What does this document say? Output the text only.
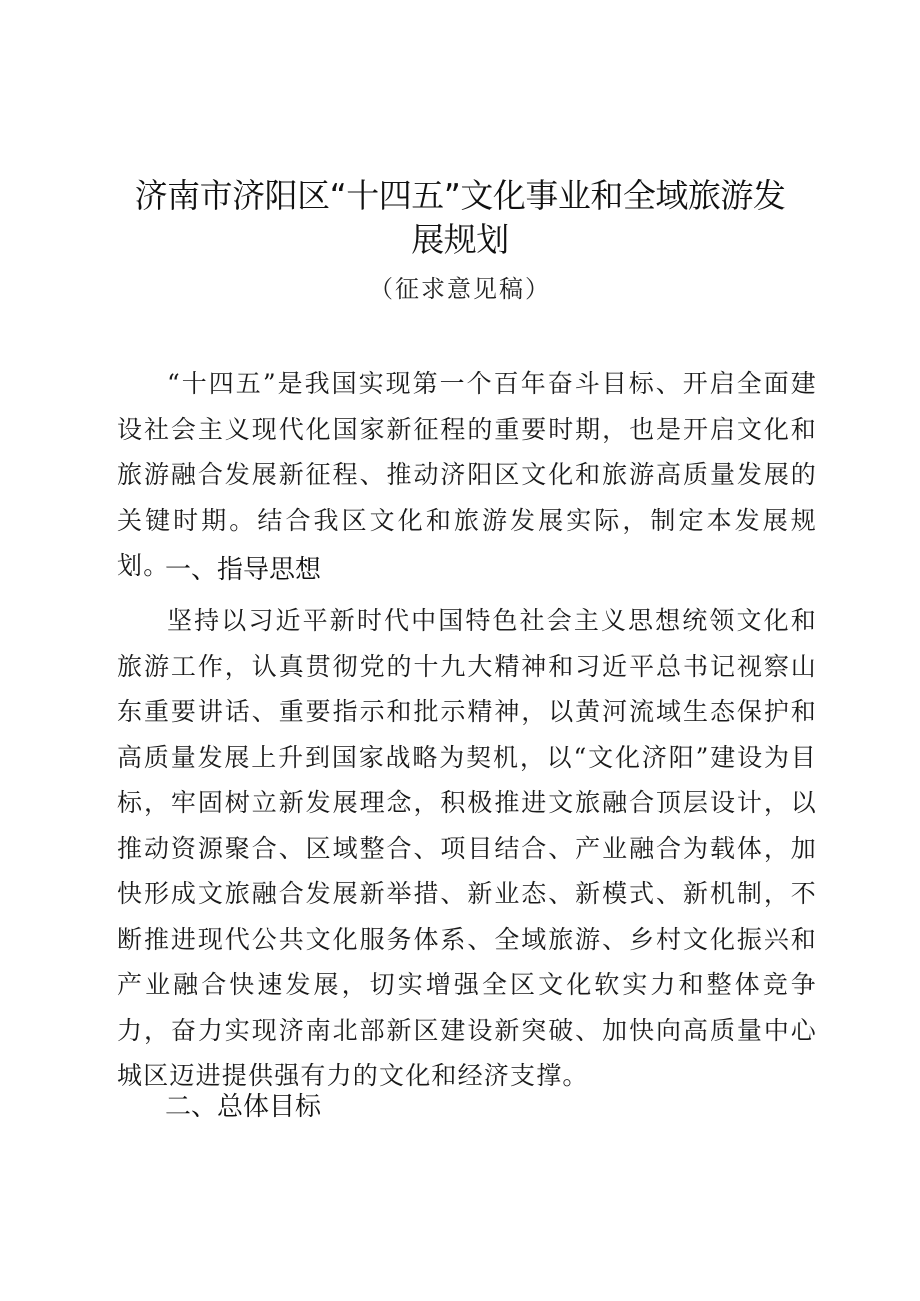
济南市济阳区“十四五”文化事业和全域旅游发
展规划
（征求意见稿）

“十四五”是我国实现第一个百年奋斗目标、开启全面建设社会主义现代化国家新征程的重要时期，也是开启文化和旅游融合发展新征程、推动济阳区文化和旅游高质量发展的关键时期。结合我区文化和旅游发展实际，制定本发展规划。

一、指导思想

坚持以习近平新时代中国特色社会主义思想统领文化和旅游工作，认真贯彻党的十九大精神和习近平总书记视察山东重要讲话、重要指示和批示精神，以黄河流域生态保护和高质量发展上升到国家战略为契机，以“文化济阳”建设为目标，牢固树立新发展理念，积极推进文旅融合顶层设计，以推动资源聚合、区域整合、项目结合、产业融合为载体，加快形成文旅融合发展新举措、新业态、新模式、新机制，不断推进现代公共文化服务体系、全域旅游、乡村文化振兴和产业融合快速发展，切实增强全区文化软实力和整体竞争力，奋力实现济南北部新区建设新突破、加快向高质量中心城区迈进提供强有力的文化和经济支撑。

二、总体目标
